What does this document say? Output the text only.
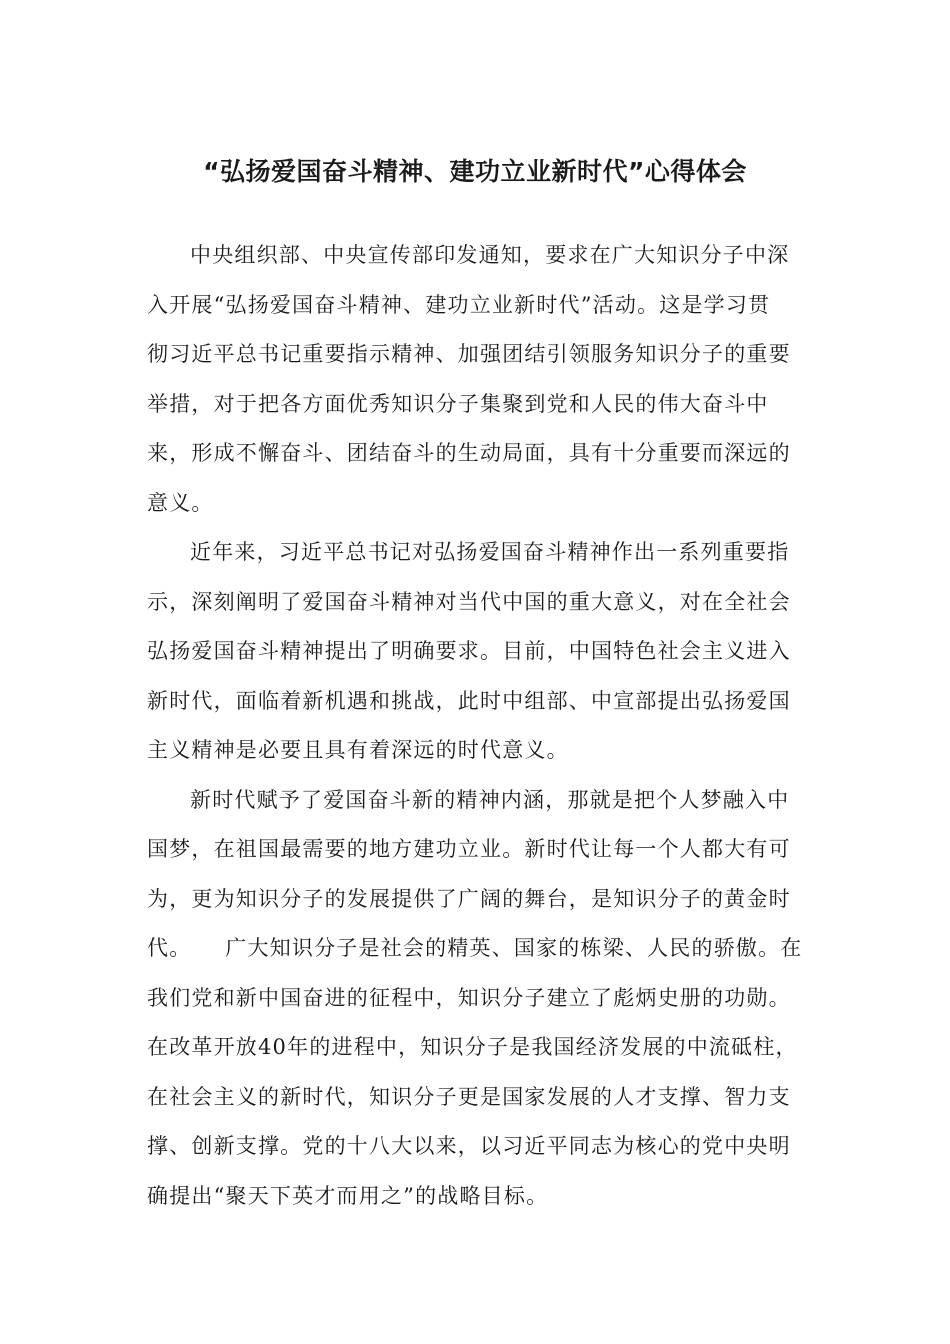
“弘扬爱国奋斗精神、建功立业新时代”心得体会

中央组织部、中央宣传部印发通知，要求在广大知识分子中深
入开展“弘扬爱国奋斗精神、建功立业新时代”活动。这是学习贯
彻习近平总书记重要指示精神、加强团结引领服务知识分子的重要
举措，对于把各方面优秀知识分子集聚到党和人民的伟大奋斗中
来，形成不懈奋斗、团结奋斗的生动局面，具有十分重要而深远的
意义。

近年来，习近平总书记对弘扬爱国奋斗精神作出一系列重要指
示，深刻阐明了爱国奋斗精神对当代中国的重大意义，对在全社会
弘扬爱国奋斗精神提出了明确要求。目前，中国特色社会主义进入
新时代，面临着新机遇和挑战，此时中组部、中宣部提出弘扬爱国
主义精神是必要且具有着深远的时代意义。

新时代赋予了爱国奋斗新的精神内涵，那就是把个人梦融入中
国梦，在祖国最需要的地方建功立业。新时代让每一个人都大有可
为，更为知识分子的发展提供了广阔的舞台，是知识分子的黄金时
代。　　广大知识分子是社会的精英、国家的栋梁、人民的骄傲。在
我们党和新中国奋进的征程中，知识分子建立了彪炳史册的功勋。
在改革开放40年的进程中，知识分子是我国经济发展的中流砥柱，
在社会主义的新时代，知识分子更是国家发展的人才支撑、智力支
撑、创新支撑。党的十八大以来，以习近平同志为核心的党中央明
确提出“聚天下英才而用之”的战略目标。
